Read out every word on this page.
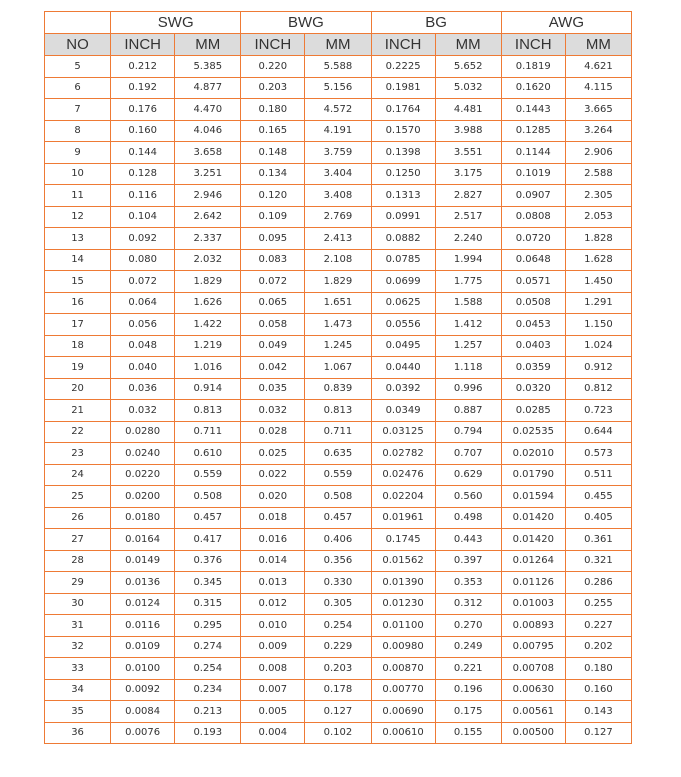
	SWG		BWG		BG		AWG	
NO	INCH	MM	INCH	MM	INCH	MM	INCH	MM
5	0.212	5.385	0.220	5.588	0.2225	5.652	0.1819	4.621
6	0.192	4.877	0.203	5.156	0.1981	5.032	0.1620	4.115
7	0.176	4.470	0.180	4.572	0.1764	4.481	0.1443	3.665
8	0.160	4.046	0.165	4.191	0.1570	3.988	0.1285	3.264
9	0.144	3.658	0.148	3.759	0.1398	3.551	0.1144	2.906
10	0.128	3.251	0.134	3.404	0.1250	3.175	0.1019	2.588
11	0.116	2.946	0.120	3.408	0.1313	2.827	0.0907	2.305
12	0.104	2.642	0.109	2.769	0.0991	2.517	0.0808	2.053
13	0.092	2.337	0.095	2.413	0.0882	2.240	0.0720	1.828
14	0.080	2.032	0.083	2.108	0.0785	1.994	0.0648	1.628
15	0.072	1.829	0.072	1.829	0.0699	1.775	0.0571	1.450
16	0.064	1.626	0.065	1.651	0.0625	1.588	0.0508	1.291
17	0.056	1.422	0.058	1.473	0.0556	1.412	0.0453	1.150
18	0.048	1.219	0.049	1.245	0.0495	1.257	0.0403	1.024
19	0.040	1.016	0.042	1.067	0.0440	1.118	0.0359	0.912
20	0.036	0.914	0.035	0.839	0.0392	0.996	0.0320	0.812
21	0.032	0.813	0.032	0.813	0.0349	0.887	0.0285	0.723
22	0.0280	0.711	0.028	0.711	0.03125	0.794	0.02535	0.644
23	0.0240	0.610	0.025	0.635	0.02782	0.707	0.02010	0.573
24	0.0220	0.559	0.022	0.559	0.02476	0.629	0.01790	0.511
25	0.0200	0.508	0.020	0.508	0.02204	0.560	0.01594	0.455
26	0.0180	0.457	0.018	0.457	0.01961	0.498	0.01420	0.405
27	0.0164	0.417	0.016	0.406	0.1745	0.443	0.01420	0.361
28	0.0149	0.376	0.014	0.356	0.01562	0.397	0.01264	0.321
29	0.0136	0.345	0.013	0.330	0.01390	0.353	0.01126	0.286
30	0.0124	0.315	0.012	0.305	0.01230	0.312	0.01003	0.255
31	0.0116	0.295	0.010	0.254	0.01100	0.270	0.00893	0.227
32	0.0109	0.274	0.009	0.229	0.00980	0.249	0.00795	0.202
33	0.0100	0.254	0.008	0.203	0.00870	0.221	0.00708	0.180
34	0.0092	0.234	0.007	0.178	0.00770	0.196	0.00630	0.160
35	0.0084	0.213	0.005	0.127	0.00690	0.175	0.00561	0.143
36	0.0076	0.193	0.004	0.102	0.00610	0.155	0.00500	0.127
